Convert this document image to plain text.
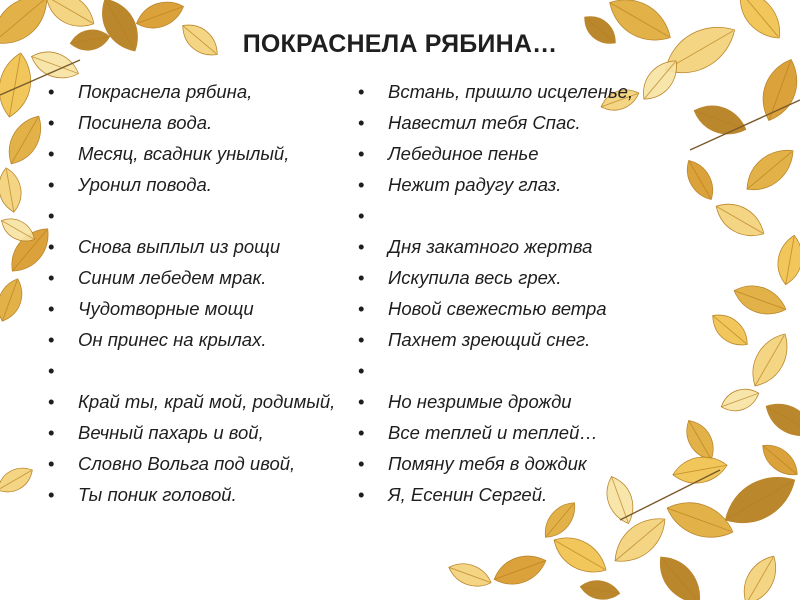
ПОКРАСНЕЛА РЯБИНА…
• Покраснела рябина,
• Посинела вода.
• Месяц, всадник унылый,
• Уронил повода.
•
• Снова выплыл из рощи
• Синим лебедем мрак.
• Чудотворные мощи
• Он принес на крылах.
•
• Край ты, край мой, родимый,
• Вечный пахарь и вой,
• Словно Вольга под ивой,
• Ты поник головой.
• Встань, пришло исцеленье,
• Навестил тебя Спас.
• Лебединое пенье
• Нежит радугу глаз.
•
• Дня закатного жертва
• Искупила весь грех.
• Новой свежестью ветра
• Пахнет зреющий снег.
•
• Но незримые дрожди
• Все теплей и теплей…
• Помяну тебя в дождик
• Я, Есенин Сергей.
